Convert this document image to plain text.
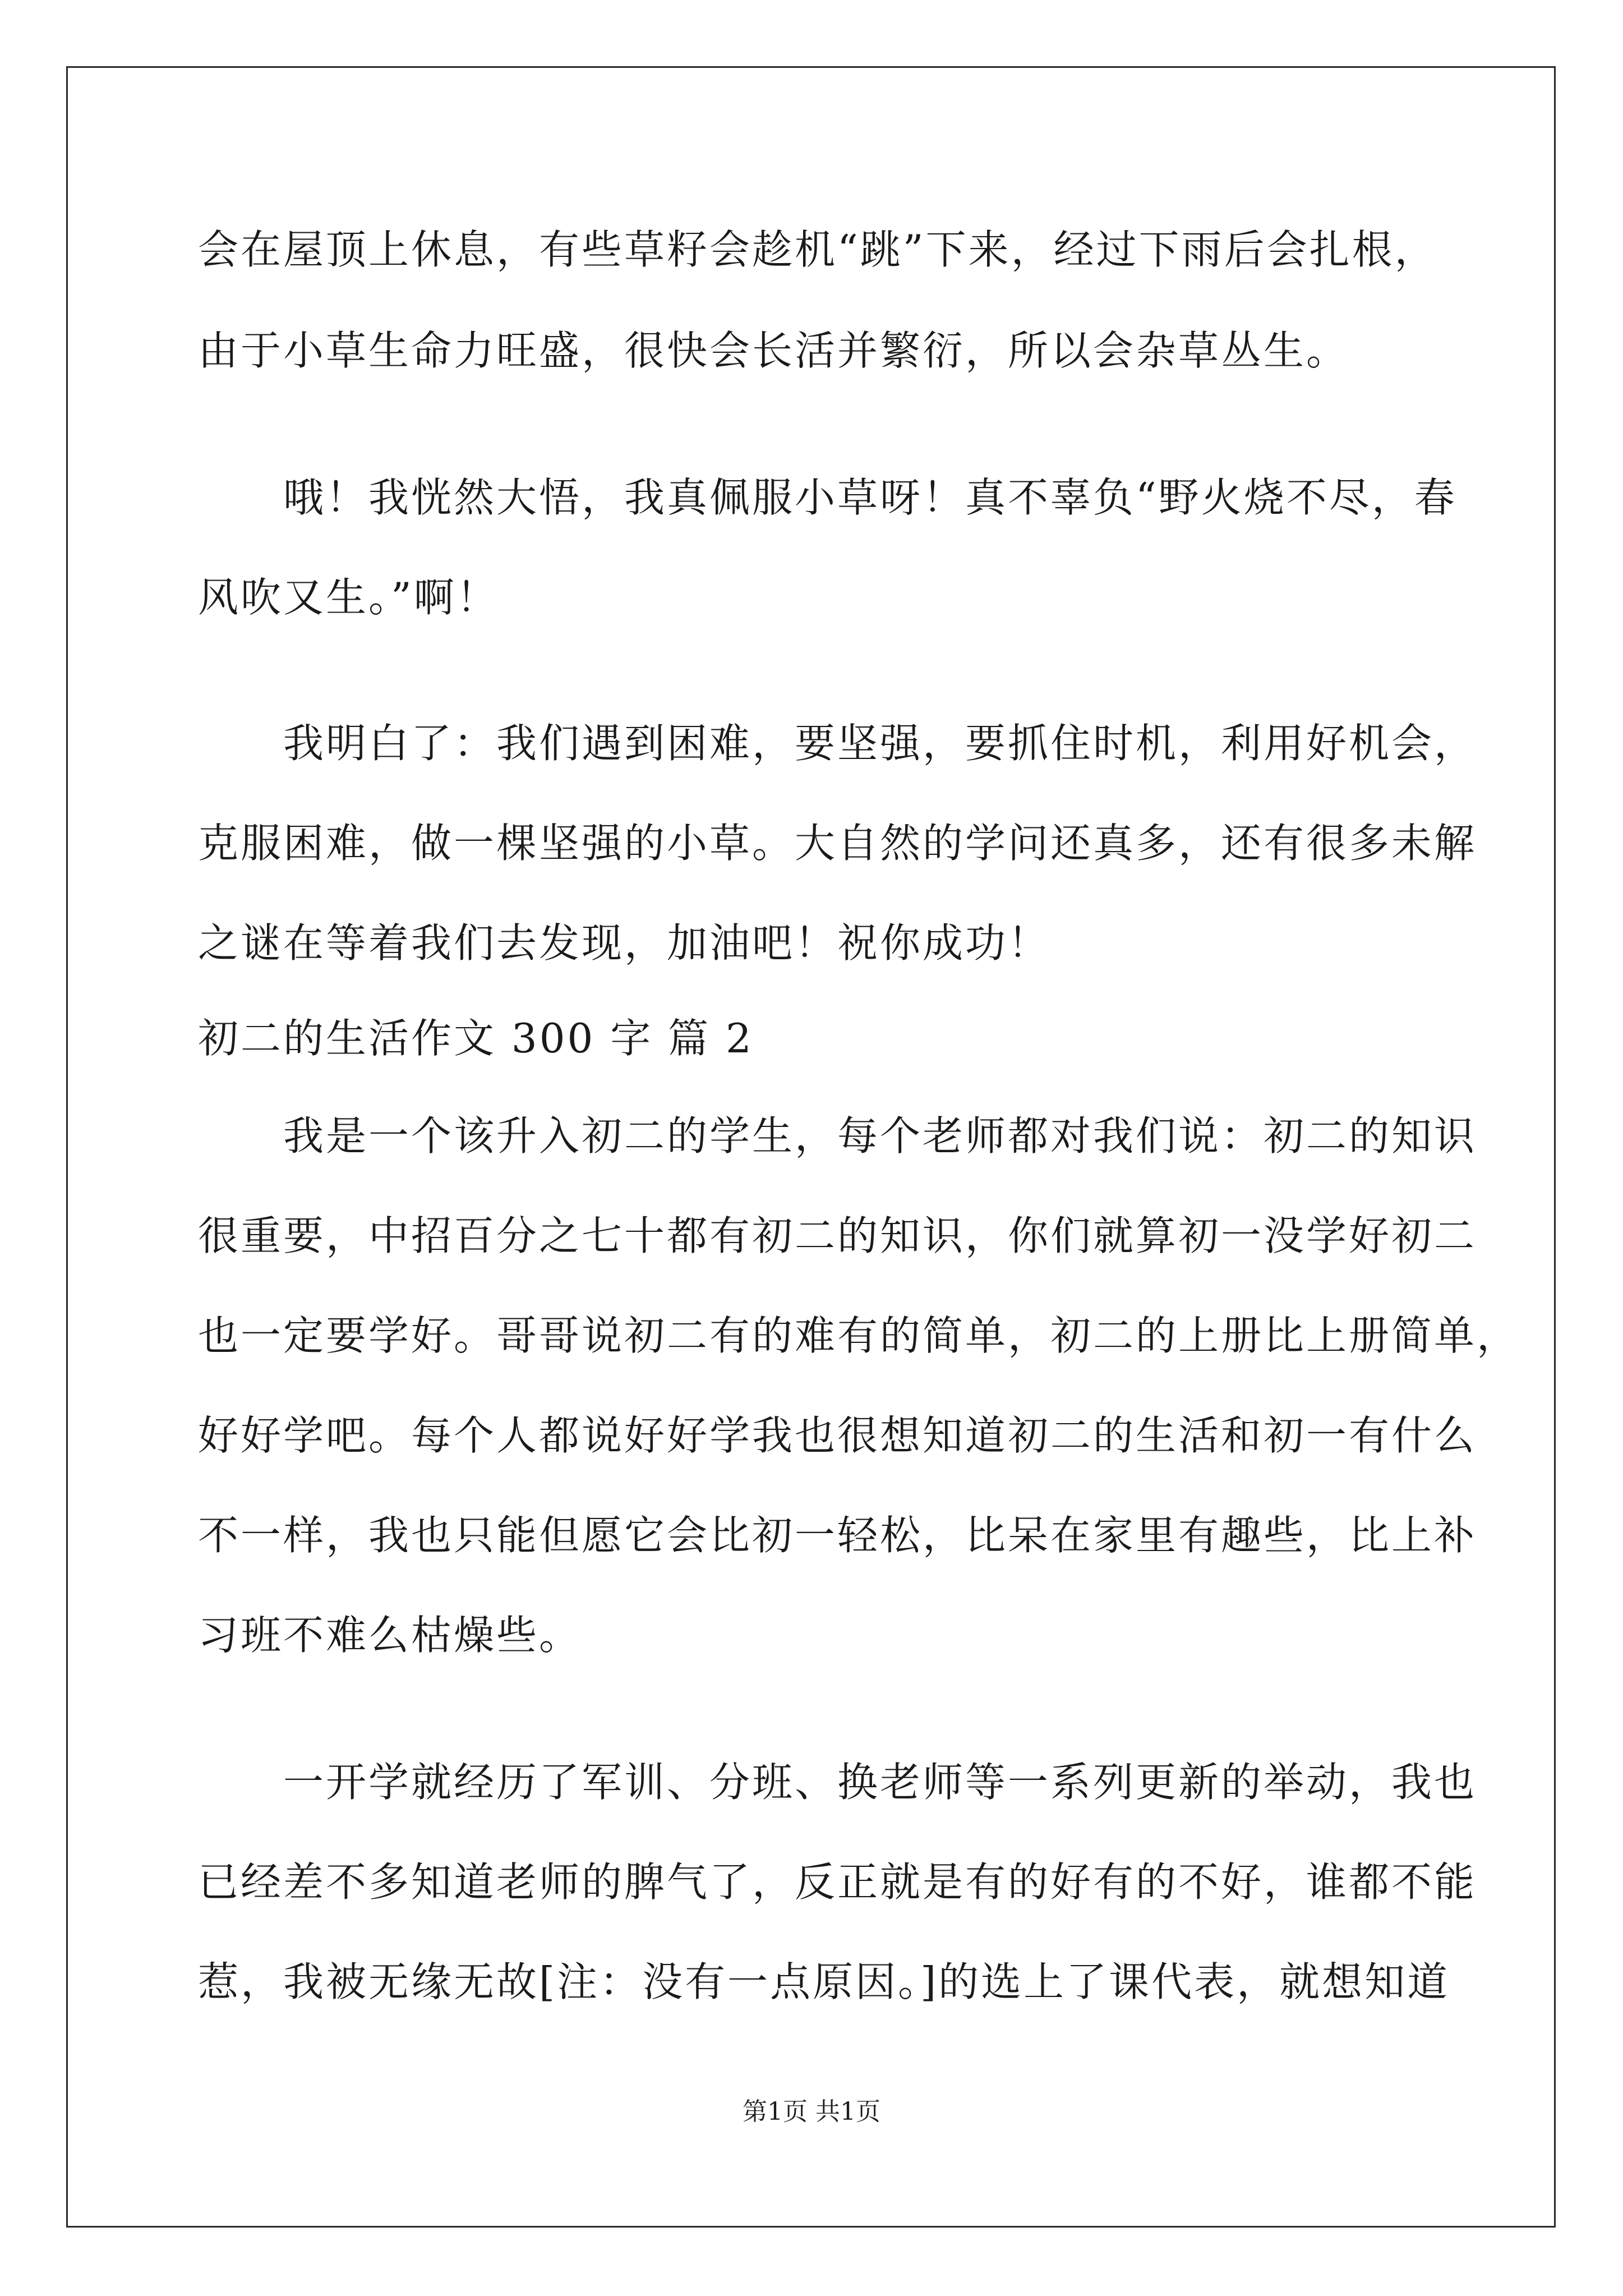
会在屋顶上休息，有些草籽会趁机“跳”下来，经过下雨后会扎根，
由于小草生命力旺盛，很快会长活并繁衍，所以会杂草丛生。
　　哦！我恍然大悟，我真佩服小草呀！真不辜负“野火烧不尽，春
风吹又生。”啊！
　　我明白了：我们遇到困难，要坚强，要抓住时机，利用好机会，
克服困难，做一棵坚强的小草。大自然的学问还真多，还有很多未解
之谜在等着我们去发现，加油吧！祝你成功！
初二的生活作文 300 字 篇 2
　　我是一个该升入初二的学生，每个老师都对我们说：初二的知识
很重要，中招百分之七十都有初二的知识，你们就算初一没学好初二
也一定要学好。哥哥说初二有的难有的简单，初二的上册比上册简单，
好好学吧。每个人都说好好学我也很想知道初二的生活和初一有什么
不一样，我也只能但愿它会比初一轻松，比呆在家里有趣些，比上补
习班不难么枯燥些。
　　一开学就经历了军训、分班、换老师等一系列更新的举动，我也
已经差不多知道老师的脾气了，反正就是有的好有的不好，谁都不能
惹，我被无缘无故[注：没有一点原因。]的选上了课代表，就想知道
第1页 共1页
